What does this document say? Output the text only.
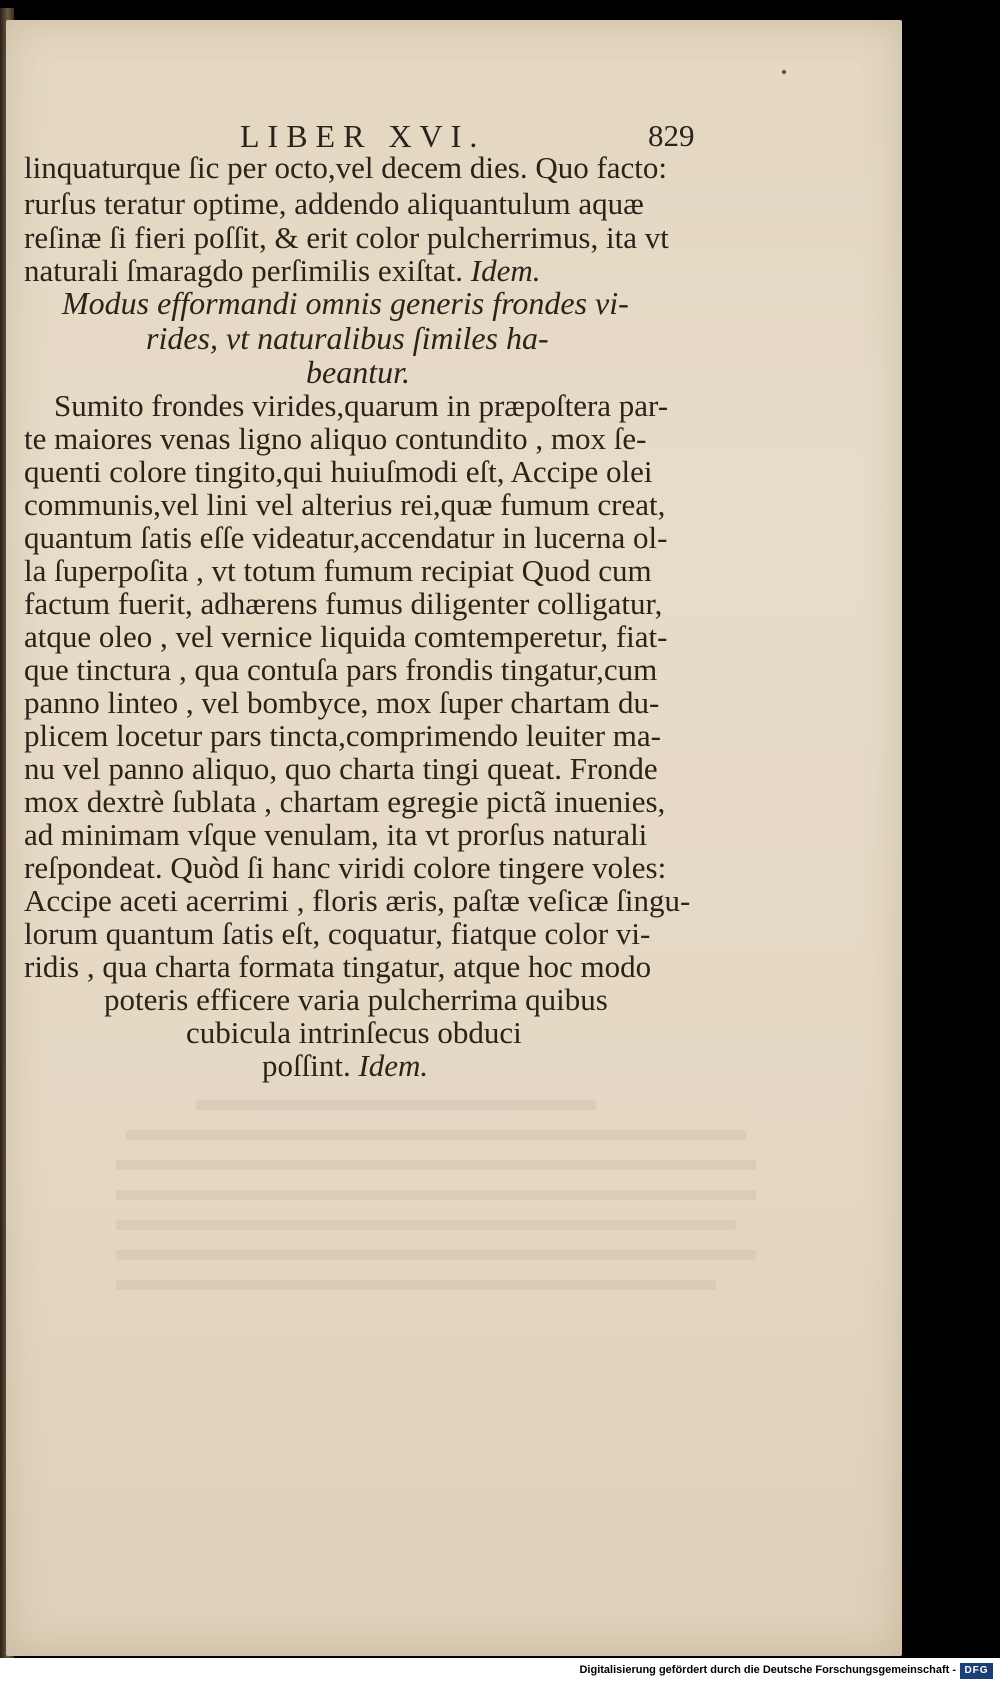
LIBER XVI.	829
linquaturque ſic per octo,vel decem dies. Quo facto:
rurſus teratur optime, addendo aliquantulum aquæ
reſinæ ſi fieri poſſit, & erit color pulcherrimus, ita vt
naturali ſmaragdo perſimilis exiſtat. Idem.
Modus efformandi omnis generis frondes vi-
rides, vt naturalibus ſimiles ha-
beantur.
Sumito frondes virides,quarum in præpoſtera par-
te maiores venas ligno aliquo contundito , mox ſe-
quenti colore tingito,qui huiuſmodi eſt, Accipe olei
communis,vel lini vel alterius rei,quæ fumum creat,
quantum ſatis eſſe videatur,accendatur in lucerna ol-
la ſuperpoſita , vt totum fumum recipiat Quod cum
factum fuerit, adhærens fumus diligenter colligatur,
atque oleo , vel vernice liquida comtemperetur, fiat-
que tinctura , qua contuſa pars frondis tingatur,cum
panno linteo , vel bombyce, mox ſuper chartam du-
plicem locetur pars tincta,comprimendo leuiter ma-
nu vel panno aliquo, quo charta tingi queat. Fronde
mox dextrè ſublata , chartam egregie pictã inuenies,
ad minimam vſque venulam, ita vt prorſus naturali
reſpondeat. Quòd ſi hanc viridi colore tingere voles:
Accipe aceti acerrimi , floris æris, paſtæ veſicæ ſingu-
lorum quantum ſatis eſt, coquatur, fiatque color vi-
ridis , qua charta formata tingatur, atque hoc modo
poteris efficere varia pulcherrima quibus
cubicula intrinſecus obduci
poſſint. Idem.
Digitalisierung gefördert durch die Deutsche Forschungsgemeinschaft - DFG
